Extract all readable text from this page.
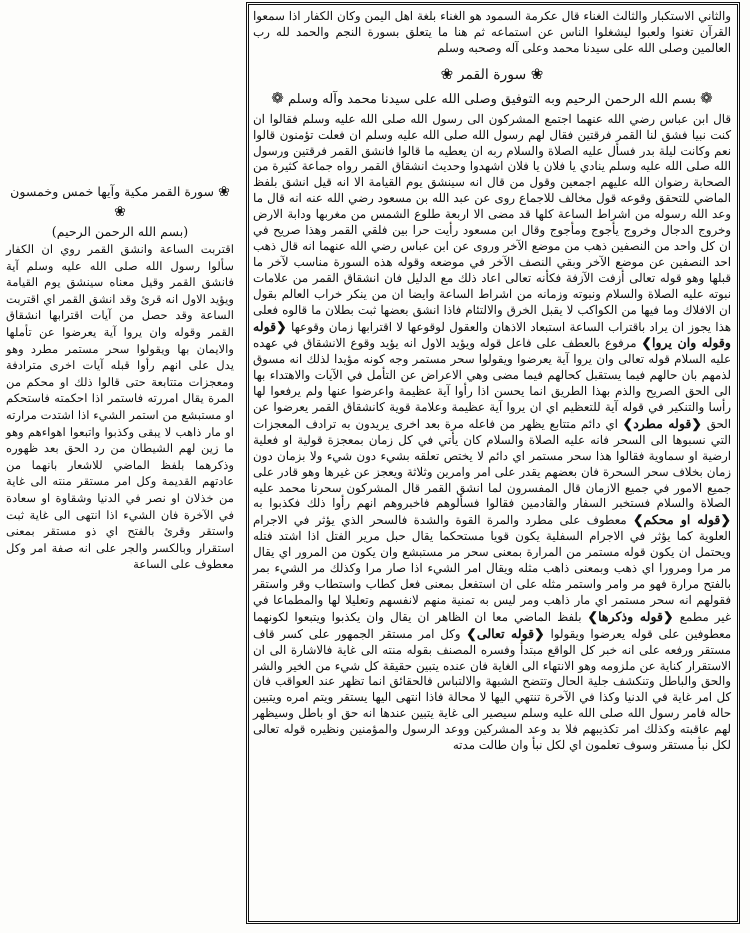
والثاني الاستكبار والثالث الغناء قال عكرمة السمود هو الغناء بلغة اهل اليمن وكان الكفار اذا سمعوا القرآن تغنوا ولعبوا ليشغلوا الناس عن استماعه ثم هنا ما يتعلق بسورة النجم والحمد لله رب العالمين وصلى الله على سيدنا محمد وعلى آله وصحبه وسلم

❀ سورة القمر ❀
❁ بسم الله الرحمن الرحيم وبه التوفيق وصلى الله على سيدنا محمد وآله وسلم ❁

قال ابن عباس رضي الله عنهما اجتمع المشركون الى رسول الله صلى الله عليه وسلم فقالوا ان كنت نبيا فشق لنا القمر فرقتين فقال لهم رسول الله صلى الله عليه وسلم ان فعلت تؤمنون قالوا نعم وكانت ليلة بدر فسأل عليه الصلاة والسلام ربه ان يعطيه ما قالوا فانشق القمر فرقتين ورسول الله صلى الله عليه وسلم ينادي يا فلان يا فلان اشهدوا وحديث انشقاق القمر رواه جماعة كثيرة من الصحابة رضوان الله عليهم اجمعين وقول من قال انه سينشق يوم القيامة الا انه قيل انشق بلفظ الماضي للتحقق وقوعه قول مخالف للاجماع روى عن عبد الله بن مسعود رضي الله عنه انه قال ما وعد الله رسوله من اشراط الساعة كلها قد مضى الا اربعة طلوع الشمس من مغربها ودابة الارض وخروج الدجال وخروج يأجوج ومأجوج وقال ابن مسعود رأيت حرا بين فلقي القمر وهذا صريح في ان كل واحد من النصفين ذهب من موضع الآخر وروى عن ابن عباس رضي الله عنهما انه قال ذهب احد النصفين عن موضع الآخر وبقي النصف الآخر في موضعه وقوله هذه السورة مناسب لآخر ما قبلها وهو قوله تعالى أزفت الآزفة فكأنه تعالى اعاد ذلك مع الدليل فان انشقاق القمر من علامات نبوته عليه الصلاة والسلام ونبوته وزمانه من اشراط الساعة وايضا ان من ينكر خراب العالم بقول ان الافلاك وما فيها من الكواكب لا يقبل الخرق والالتئام فاذا انشق بعضها ثبت بطلان ما قالوه فعلى هذا يجوز ان يراد باقتراب الساعة استبعاد الاذهان والعقول لوقوعها لا اقترابها زمان وقوعها ❮قوله وقوله وان يروا❯ مرفوع بالعطف على فاعل قوله ويؤيد الاول انه يؤيد وقوع الانشقاق في عهده عليه السلام قوله تعالى وان يروا آية يعرضوا ويقولوا سحر مستمر وجه كونه مؤيدا لذلك انه مسوق لذمهم بان حالهم فيما يستقبل كحالهم فيما مضى وهي الاعراض عن التأمل في الآيات والاهتداء بها الى الحق الصريح والذم بهذا الطريق انما يحسن اذا رأوا آية عظيمة واعرضوا عنها ولم يرفعوا لها رأسا والتنكير في قوله آية للتعظيم اي ان يروا آية عظيمة وعلامة قوية كانشقاق القمر يعرضوا عن الحق ❮قوله مطرد❯ اي دائم متتابع يظهر من فاعله مرة بعد اخرى يريدون به ترادف المعجزات التي نسبوها الى السحر فانه عليه الصلاة والسلام كان يأتي في كل زمان بمعجزة قولية او فعلية ارضية او سماوية فقالوا هذا سحر مستمر اي دائم لا يختص تعلقه بشيء دون شيء ولا بزمان دون زمان بخلاف سحر السحرة فان بعضهم يقدر على امر وامرين وثلاثة ويعجز عن غيرها وهو قادر على جميع الامور في جميع الازمان قال المفسرون لما انشق القمر قال المشركون سحرنا محمد عليه الصلاة والسلام فستخبر السفار والقادمين فقالوا فسألوهم فاخبروهم انهم رأوا ذلك فكذبوا به ❮قوله او محكم❯ معطوف على مطرد والمرة القوة والشدة فالسحر الذي يؤثر في الاجرام العلوية كما يؤثر في الاجرام السفلية يكون قويا مستحكما يقال حبل مرير الفتل اذا اشتد فتله ويحتمل ان يكون قوله مستمر من المرارة بمعنى سحر مر مستبشع وان يكون من المرور اي يقال مر مرا ومرورا اي ذهب وبمعنى ذاهب مثله ويقال امر الشيء اذا صار مرا وكذلك مر الشيء بمر بالفتح مرارة فهو مر وامر واستمر مثله على ان استفعل بمعنى فعل كطاب واستطاب وقر واستقر فقولهم انه سحر مستمر اي مار ذاهب ومر ليس به تمنية منهم لانفسهم وتعليلا لها والمطماعا في غير مطمع ❮قوله وذكرها❯ بلفظ الماضي معا ان الظاهر ان يقال وان يكذبوا ويتبعوا لكونهما معطوفين على قوله يعرضوا ويقولوا ❮قوله تعالى❯ وكل امر مستقر الجمهور على كسر قاف مستقر ورفعه على انه خبر كل الواقع مبتدأ وفسره المصنف بقوله منته الى غاية فالاشارة الى ان الاستقرار كناية عن ملزومه وهو الانتهاء الى الغاية فان عنده يتبين حقيقة كل شيء من الخير والشر والحق والباطل وتنكشف جلية الحال وتتضح الشبهة والالتباس فالحقائق انما تظهر عند العواقب فان كل امر غاية في الدنيا وكذا في الآخرة تنتهي اليها لا محالة فاذا انتهى اليها يستقر ويتم امره ويتبين حاله فامر رسول الله صلى الله عليه وسلم سيصير الى غاية يتبين عندها انه حق او باطل وسيظهر لهم عاقبته وكذلك امر تكذيبهم فلا بد وعد المشركين ووعد الرسول والمؤمنين ونظيره قوله تعالى لكل نبأ مستقر وسوف تعلمون اي لكل نبأ وان طالت مدته

❀ سورة القمر مكية وآيها خمس وخمسون ❀
(بسم الله الرحمن الرحيم)

اقتربت الساعة وانشق القمر روي ان الكفار سألوا رسول الله صلى الله عليه وسلم آية فانشق القمر وقيل معناه سينشق يوم القيامة ويؤيد الاول انه قرئ وقد انشق القمر اي اقتربت الساعة وقد حصل من آيات اقترابها انشقاق القمر وقوله وان يروا آية يعرضوا عن تأملها والايمان بها ويقولوا سحر مستمر مطرد وهو يدل على انهم رأوا قبله آيات اخرى مترادفة ومعجزات متتابعة حتى قالوا ذلك او محكم من المرة يقال امررته فاستمر اذا احكمته فاستحكم او مستبشع من استمر الشيء اذا اشتدت مرارته او مار ذاهب لا يبقى وكذبوا واتبعوا اهواءهم وهو ما زين لهم الشيطان من رد الحق بعد ظهوره وذكرهما بلفظ الماضي للاشعار بانهما من عادتهم القديمة وكل امر مستقر منته الى غاية من خذلان او نصر في الدنيا وشقاوة او سعادة في الآخرة فان الشيء اذا انتهى الى غاية ثبت واستقر وقرئ بالفتح اي ذو مستقر بمعنى استقرار وبالكسر والجر على انه صفة امر وكل معطوف على الساعة
